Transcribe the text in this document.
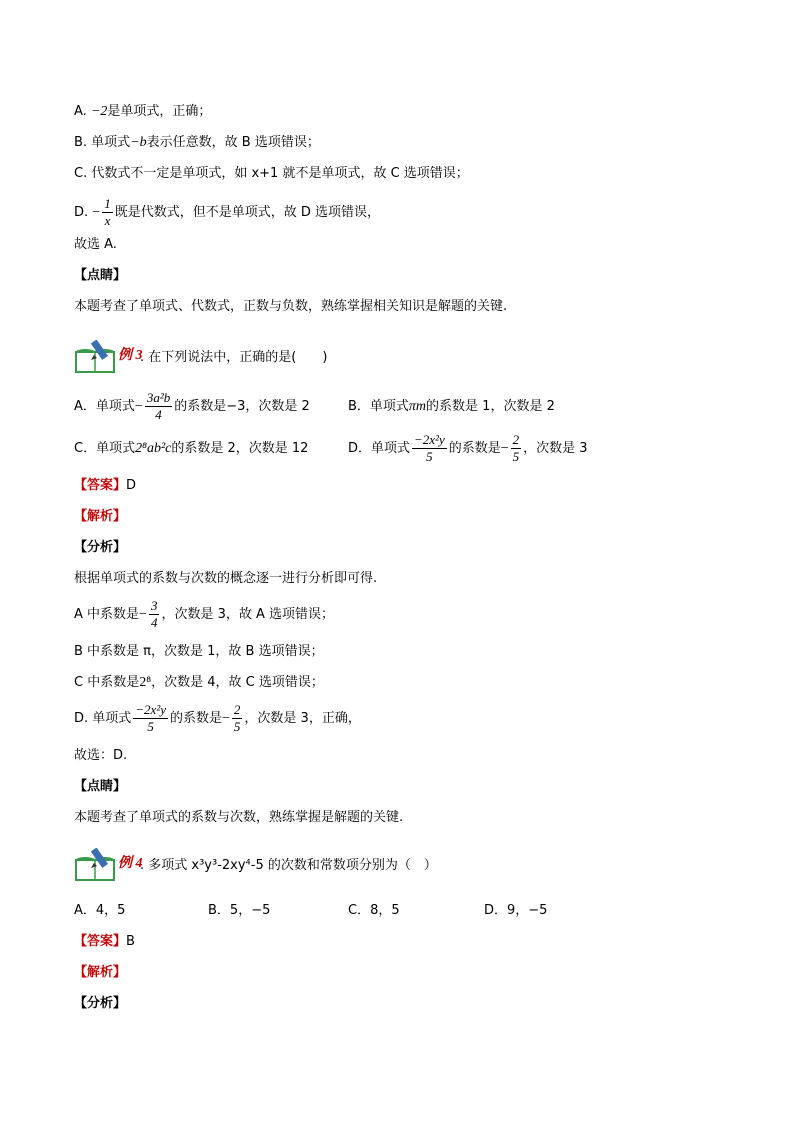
A. −2是单项式，正确；
B. 单项式−b表示任意数，故 B 选项错误；
C. 代数式不一定是单项式，如 x+1 就不是单项式，故 C 选项错误；
D. − $\frac{1}{x}$ 既是代数式，但不是单项式，故 D 选项错误，
故选 A.
【点睛】
本题考查了单项式、代数式，正数与负数，熟练掌握相关知识是解题的关键.
例 3
. 在下列说法中，正确的是(　　)
A．单项式− $\frac{\text{3a²b}}{4}$ 的系数是−3，次数是 2	B．单项式πm的系数是 1，次数是 2
C．单项式2⁸ab²c的系数是 2，次数是 12	D．单项式 $\frac{\text{−2x²y}}{5}$ 的系数是− $\frac{2}{5}$ ，次数是 3
【答案】D
【解析】
【分析】
根据单项式的系数与次数的概念逐一进行分析即可得.
A 中系数是− $\frac{3}{4}$ ，次数是 3，故 A 选项错误；
B 中系数是 π，次数是 1，故 B 选项错误；
C 中系数是2⁸，次数是 4，故 C 选项错误；
D. 单项式 $\frac{\text{−2x²y}}{5}$ 的系数是− $\frac{2}{5}$ ，次数是 3，正确，
故选：D.
【点睛】
本题考查了单项式的系数与次数，熟练掌握是解题的关键.
例 4
. 多项式 x³y³-2xy⁴-5 的次数和常数项分别为（　）
A．4，5	B．5，−5	C．8，5	D．9，−5
【答案】B
【解析】
【分析】
